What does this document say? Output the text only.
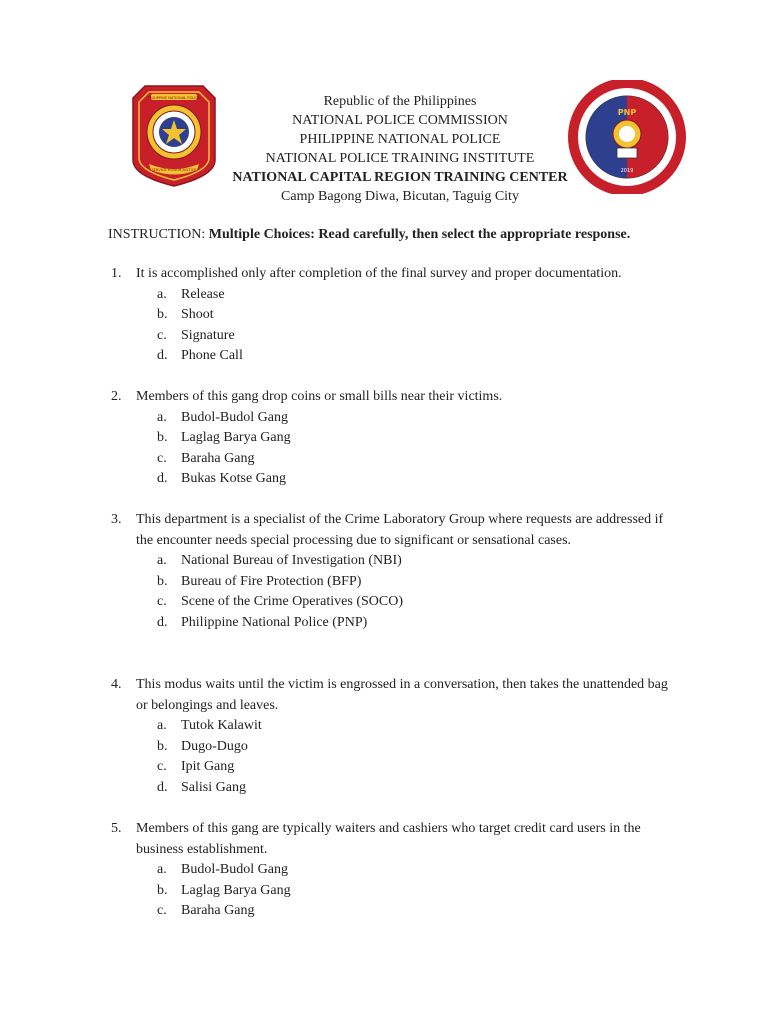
PHILIPPINE NATIONAL POLICE
SERVICE HONOR JUSTICE
PNP
2019
Republic of the Philippines
NATIONAL POLICE COMMISSION
PHILIPPINE NATIONAL POLICE
NATIONAL POLICE TRAINING INSTITUTE
NATIONAL CAPITAL REGION TRAINING CENTER
Camp Bagong Diwa, Bicutan, Taguig City
INSTRUCTION: Multiple Choices: Read carefully, then select the appropriate response.
1. It is accomplished only after completion of the final survey and proper documentation.
a. Release
b. Shoot
c. Signature
d. Phone Call
2. Members of this gang drop coins or small bills near their victims.
a. Budol-Budol Gang
b. Laglag Barya Gang
c. Baraha Gang
d. Bukas Kotse Gang
3. This department is a specialist of the Crime Laboratory Group where requests are addressed if the encounter needs special processing due to significant or sensational cases.
a. National Bureau of Investigation (NBI)
b. Bureau of Fire Protection (BFP)
c. Scene of the Crime Operatives (SOCO)
d. Philippine National Police (PNP)
4. This modus waits until the victim is engrossed in a conversation, then takes the unattended bag or belongings and leaves.
a. Tutok Kalawit
b. Dugo-Dugo
c. Ipit Gang
d. Salisi Gang
5. Members of this gang are typically waiters and cashiers who target credit card users in the business establishment.
a. Budol-Budol Gang
b. Laglag Barya Gang
c. Baraha Gang
